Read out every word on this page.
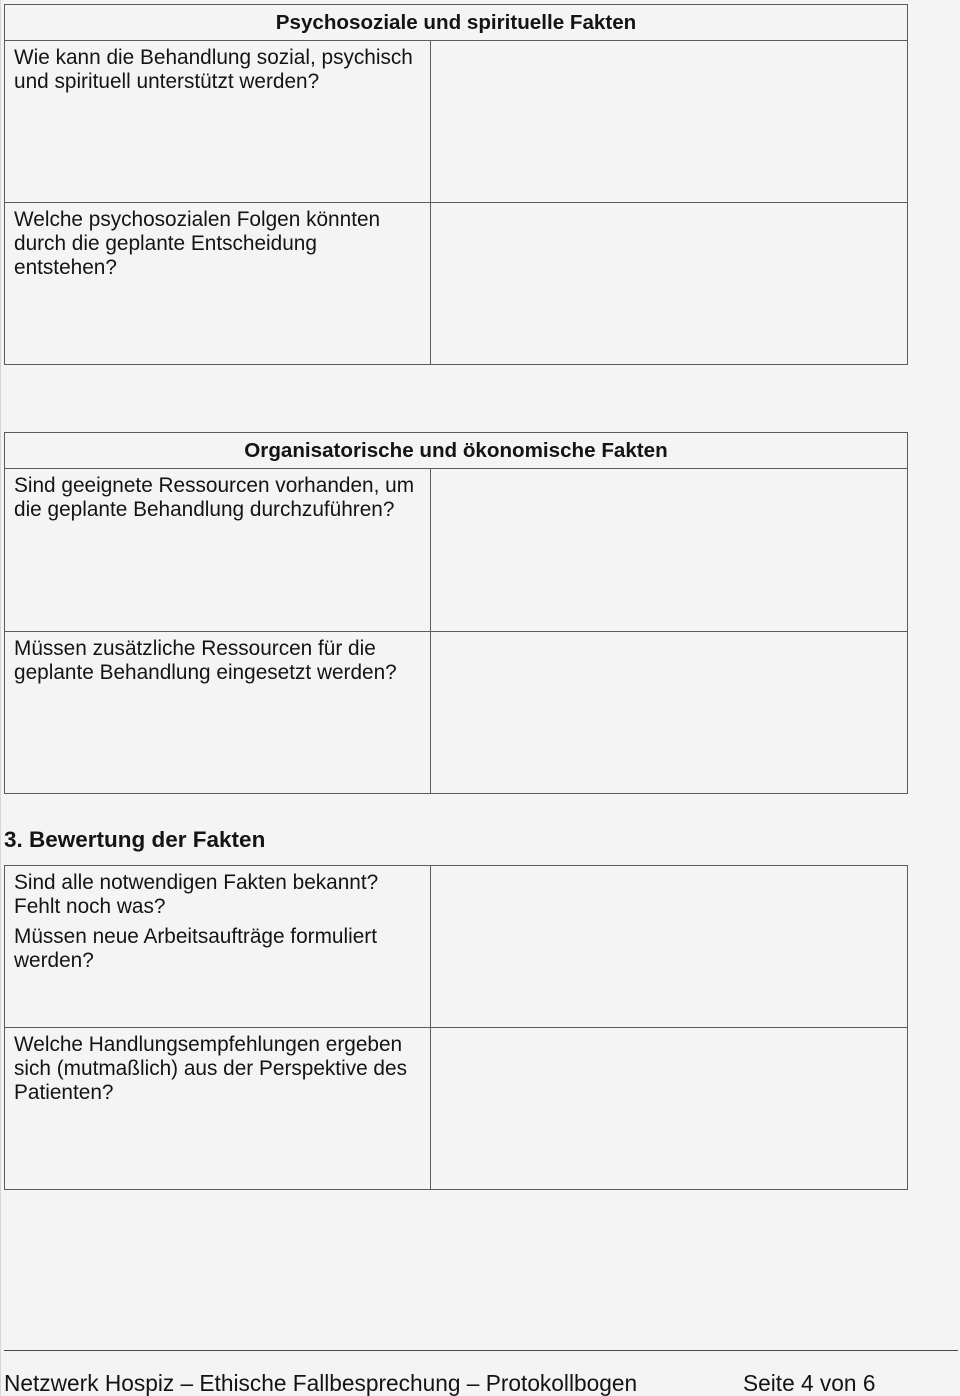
Psychosoziale und spirituelle Fakten
Wie kann die Behandlung sozial, psychisch
und spirituell unterstützt werden?
Welche psychosozialen Folgen könnten
durch die geplante Entscheidung
entstehen?
Organisatorische und ökonomische Fakten
Sind geeignete Ressourcen vorhanden, um
die geplante Behandlung durchzuführen?
Müssen zusätzliche Ressourcen für die
geplante Behandlung eingesetzt werden?
3. Bewertung der Fakten
Sind alle notwendigen Fakten bekannt?
Fehlt noch was?
Müssen neue Arbeitsaufträge formuliert
werden?
Welche Handlungsempfehlungen ergeben
sich (mutmaßlich) aus der Perspektive des
Patienten?
Netzwerk Hospiz – Ethische Fallbesprechung – Protokollbogen	Seite 4 von 6
